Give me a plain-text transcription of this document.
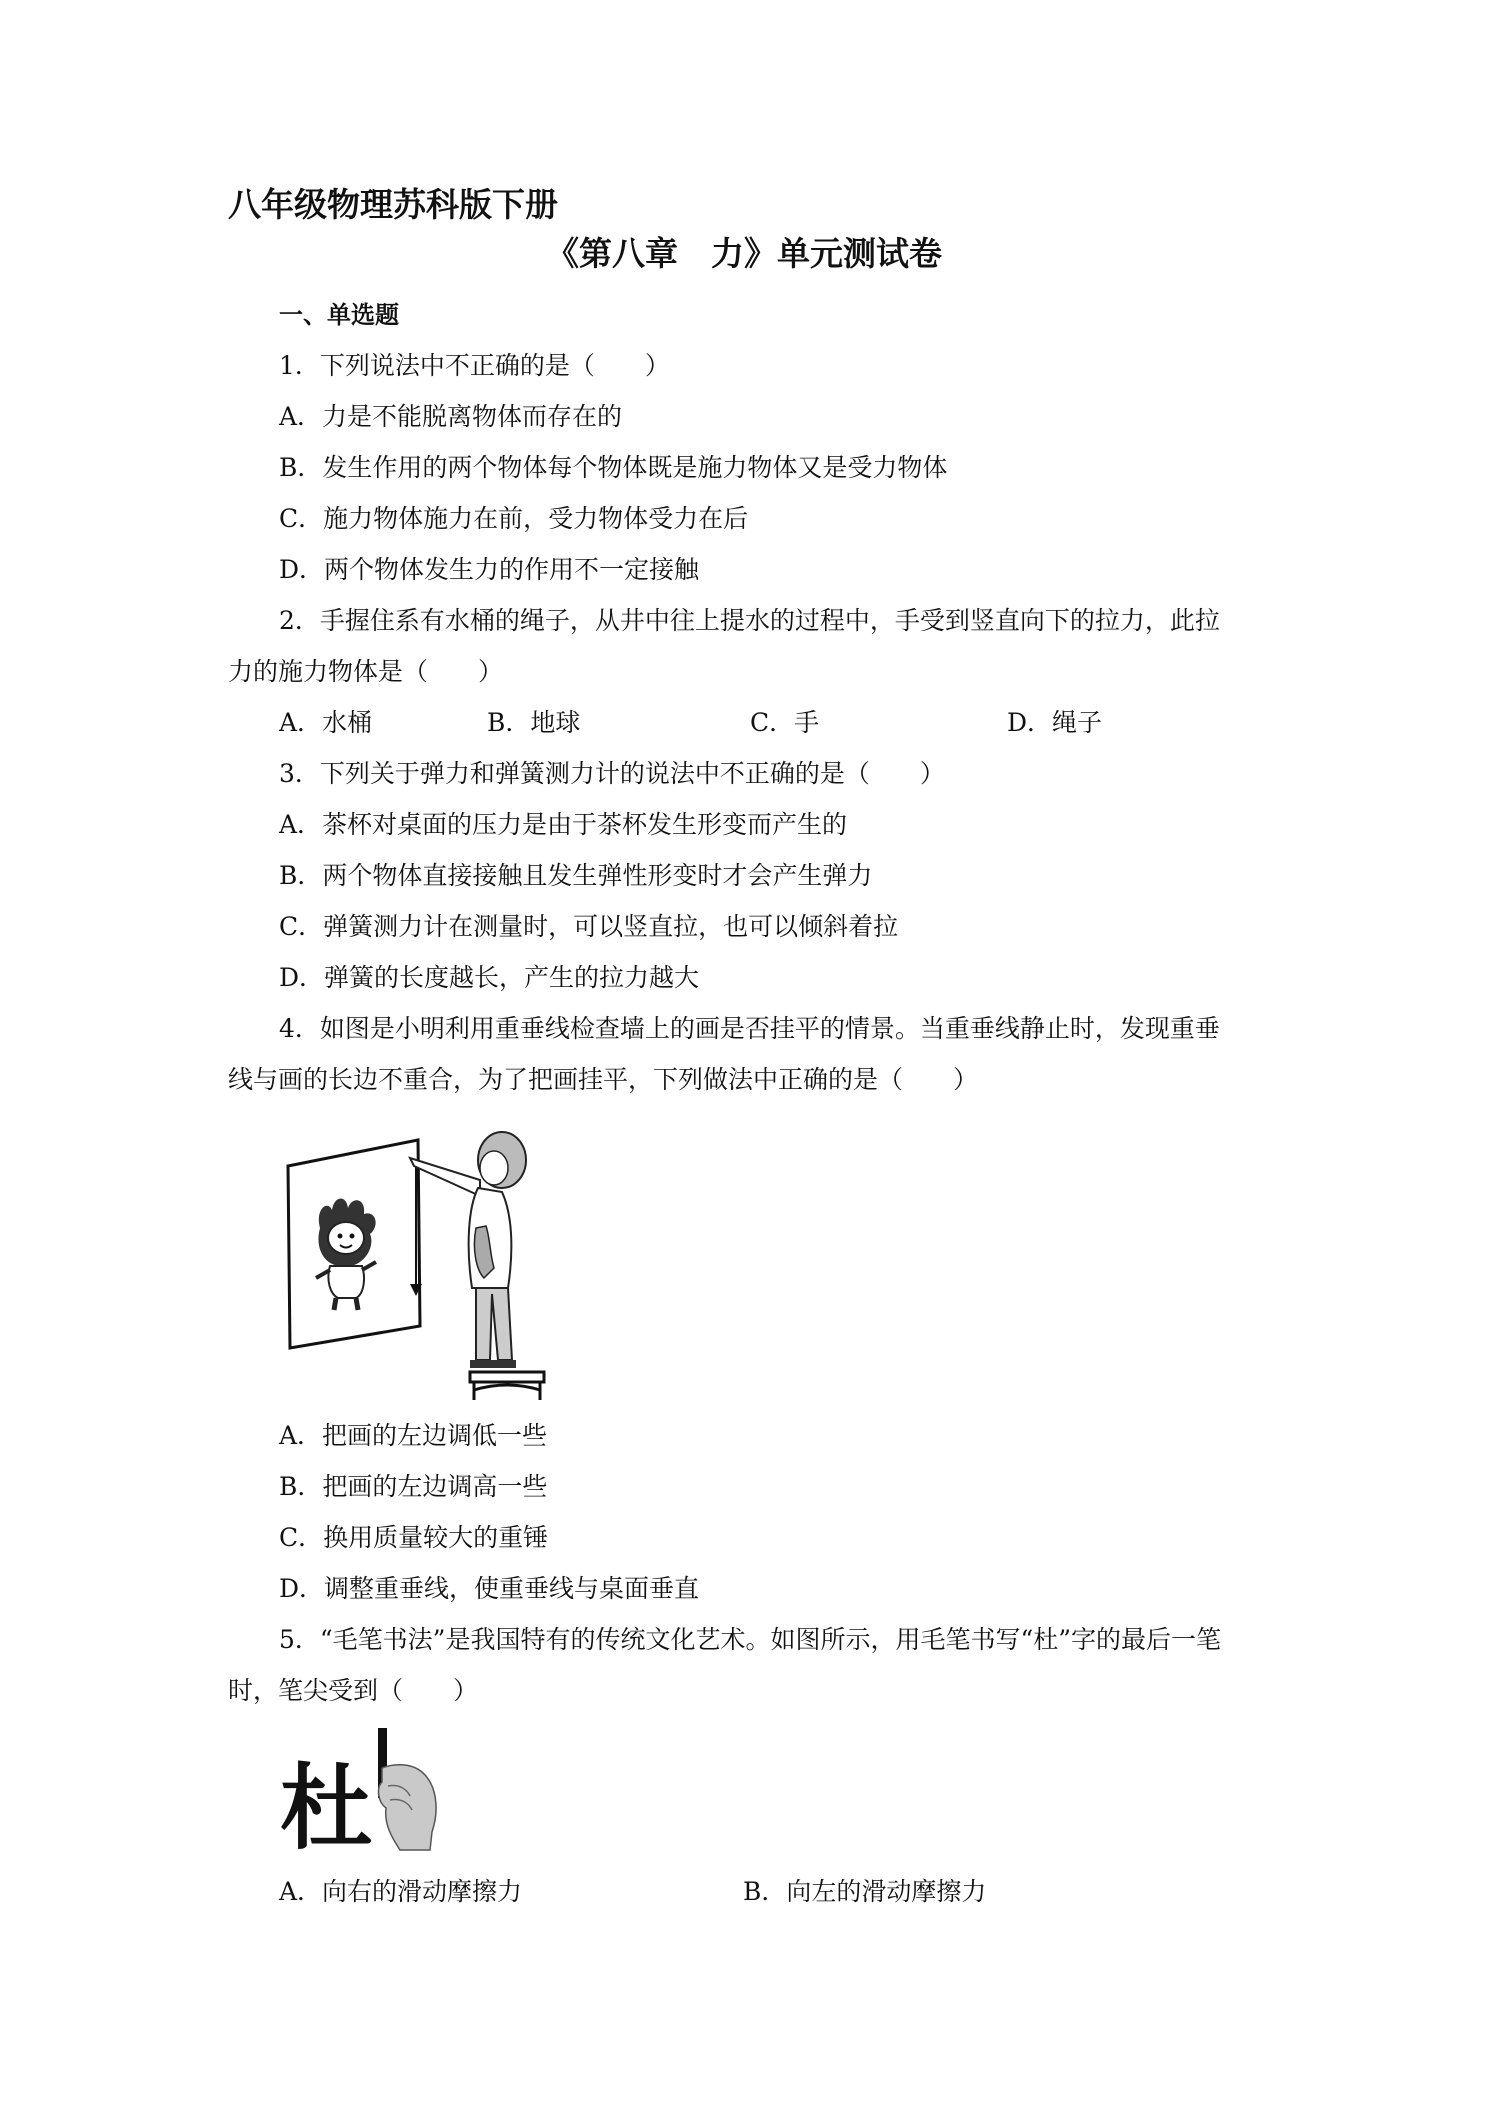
八年级物理苏科版下册
《第八章　力》单元测试卷
一、单选题
1．下列说法中不正确的是（　　）
A．力是不能脱离物体而存在的
B．发生作用的两个物体每个物体既是施力物体又是受力物体
C．施力物体施力在前，受力物体受力在后
D．两个物体发生力的作用不一定接触
2．手握住系有水桶的绳子，从井中往上提水的过程中，手受到竖直向下的拉力，此拉
力的施力物体是（　　）
A．水桶	B．地球	C．手	D．绳子
3．下列关于弹力和弹簧测力计的说法中不正确的是（　　）
A．茶杯对桌面的压力是由于茶杯发生形变而产生的
B．两个物体直接接触且发生弹性形变时才会产生弹力
C．弹簧测力计在测量时，可以竖直拉，也可以倾斜着拉
D．弹簧的长度越长，产生的拉力越大
4．如图是小明利用重垂线检查墙上的画是否挂平的情景。当重垂线静止时，发现重垂
线与画的长边不重合，为了把画挂平，下列做法中正确的是（　　）
A．把画的左边调低一些
B．把画的左边调高一些
C．换用质量较大的重锤
D．调整重垂线，使重垂线与桌面垂直
5．“毛笔书法”是我国特有的传统文化艺术。如图所示，用毛笔书写“杜”字的最后一笔
时，笔尖受到（　　）
杜
A．向右的滑动摩擦力	B．向左的滑动摩擦力
